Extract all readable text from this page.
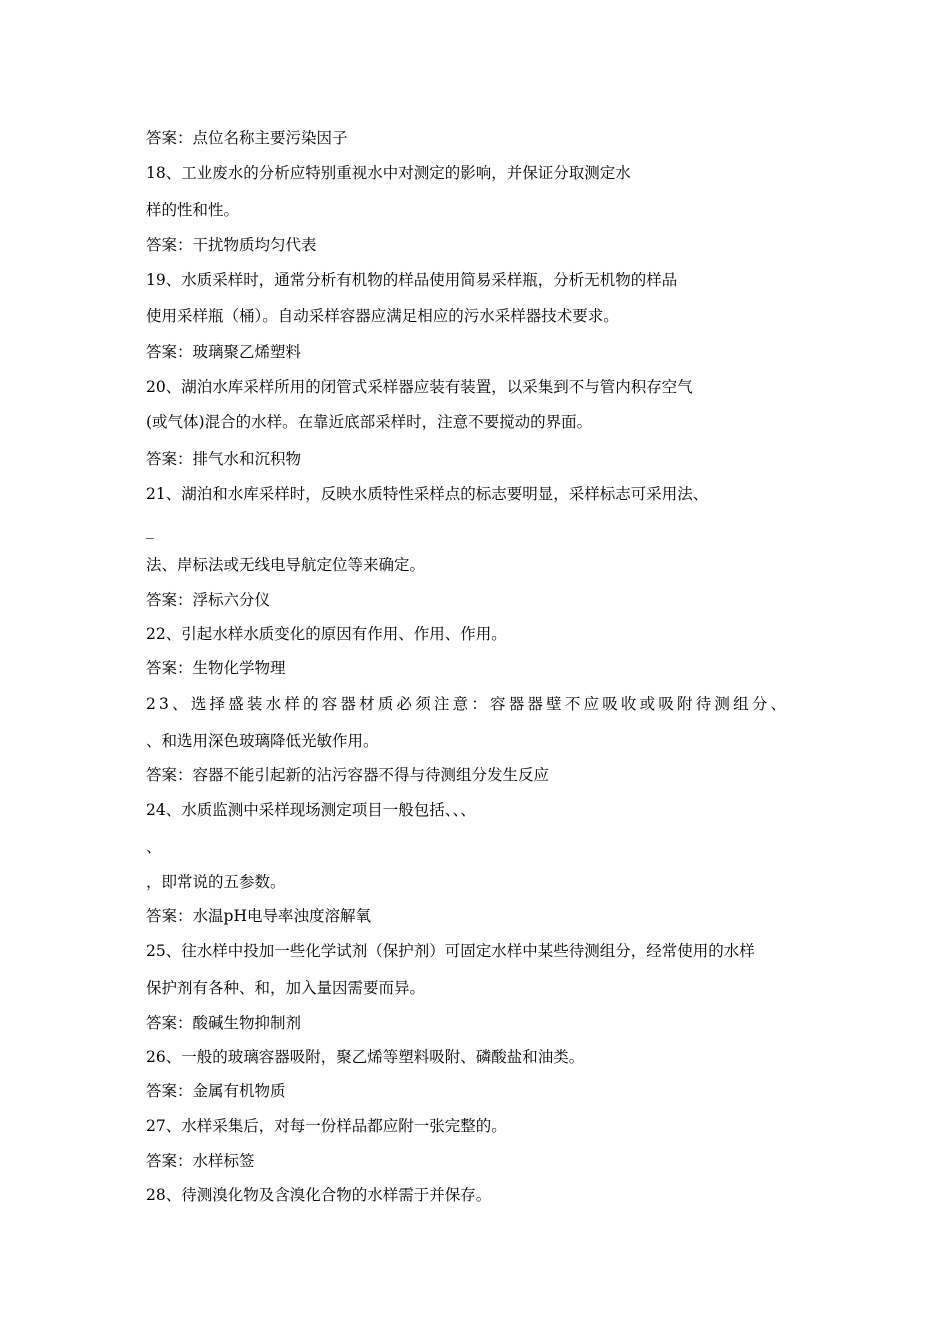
答案：点位名称主要污染因子
18、工业废水的分析应特别重视水中对测定的影响，并保证分取测定水
样的性和性。
答案：干扰物质均匀代表
19、水质采样时，通常分析有机物的样品使用简易采样瓶，分析无机物的样品
使用采样瓶（桶）。自动采样容器应满足相应的污水采样器技术要求。
答案：玻璃聚乙烯塑料
20、湖泊水库采样所用的闭管式采样器应装有装置，以采集到不与管内积存空气
(或气体)混合的水样。在靠近底部采样时，注意不要搅动的界面。
答案：排气水和沉积物
21、湖泊和水库采样时，反映水质特性采样点的标志要明显，采样标志可采用法、
_
法、岸标法或无线电导航定位等来确定。
答案：浮标六分仪
22、引起水样水质变化的原因有作用、作用、作用。
答案：生物化学物理
23、选择盛装水样的容器材质必须注意：容器器壁不应吸收或吸附待测组分、
、和选用深色玻璃降低光敏作用。
答案：容器不能引起新的沾污容器不得与待测组分发生反应
24、水质监测中采样现场测定项目一般包括、、、
、
，即常说的五参数。
答案：水温pH电导率浊度溶解氧
25、往水样中投加一些化学试剂（保护剂）可固定水样中某些待测组分，经常使用的水样
保护剂有各种、和，加入量因需要而异。
答案：酸碱生物抑制剂
26、一般的玻璃容器吸附，聚乙烯等塑料吸附、磷酸盐和油类。
答案：金属有机物质
27、水样采集后，对每一份样品都应附一张完整的。
答案：水样标签
28、待测溴化物及含溴化合物的水样需于并保存。
